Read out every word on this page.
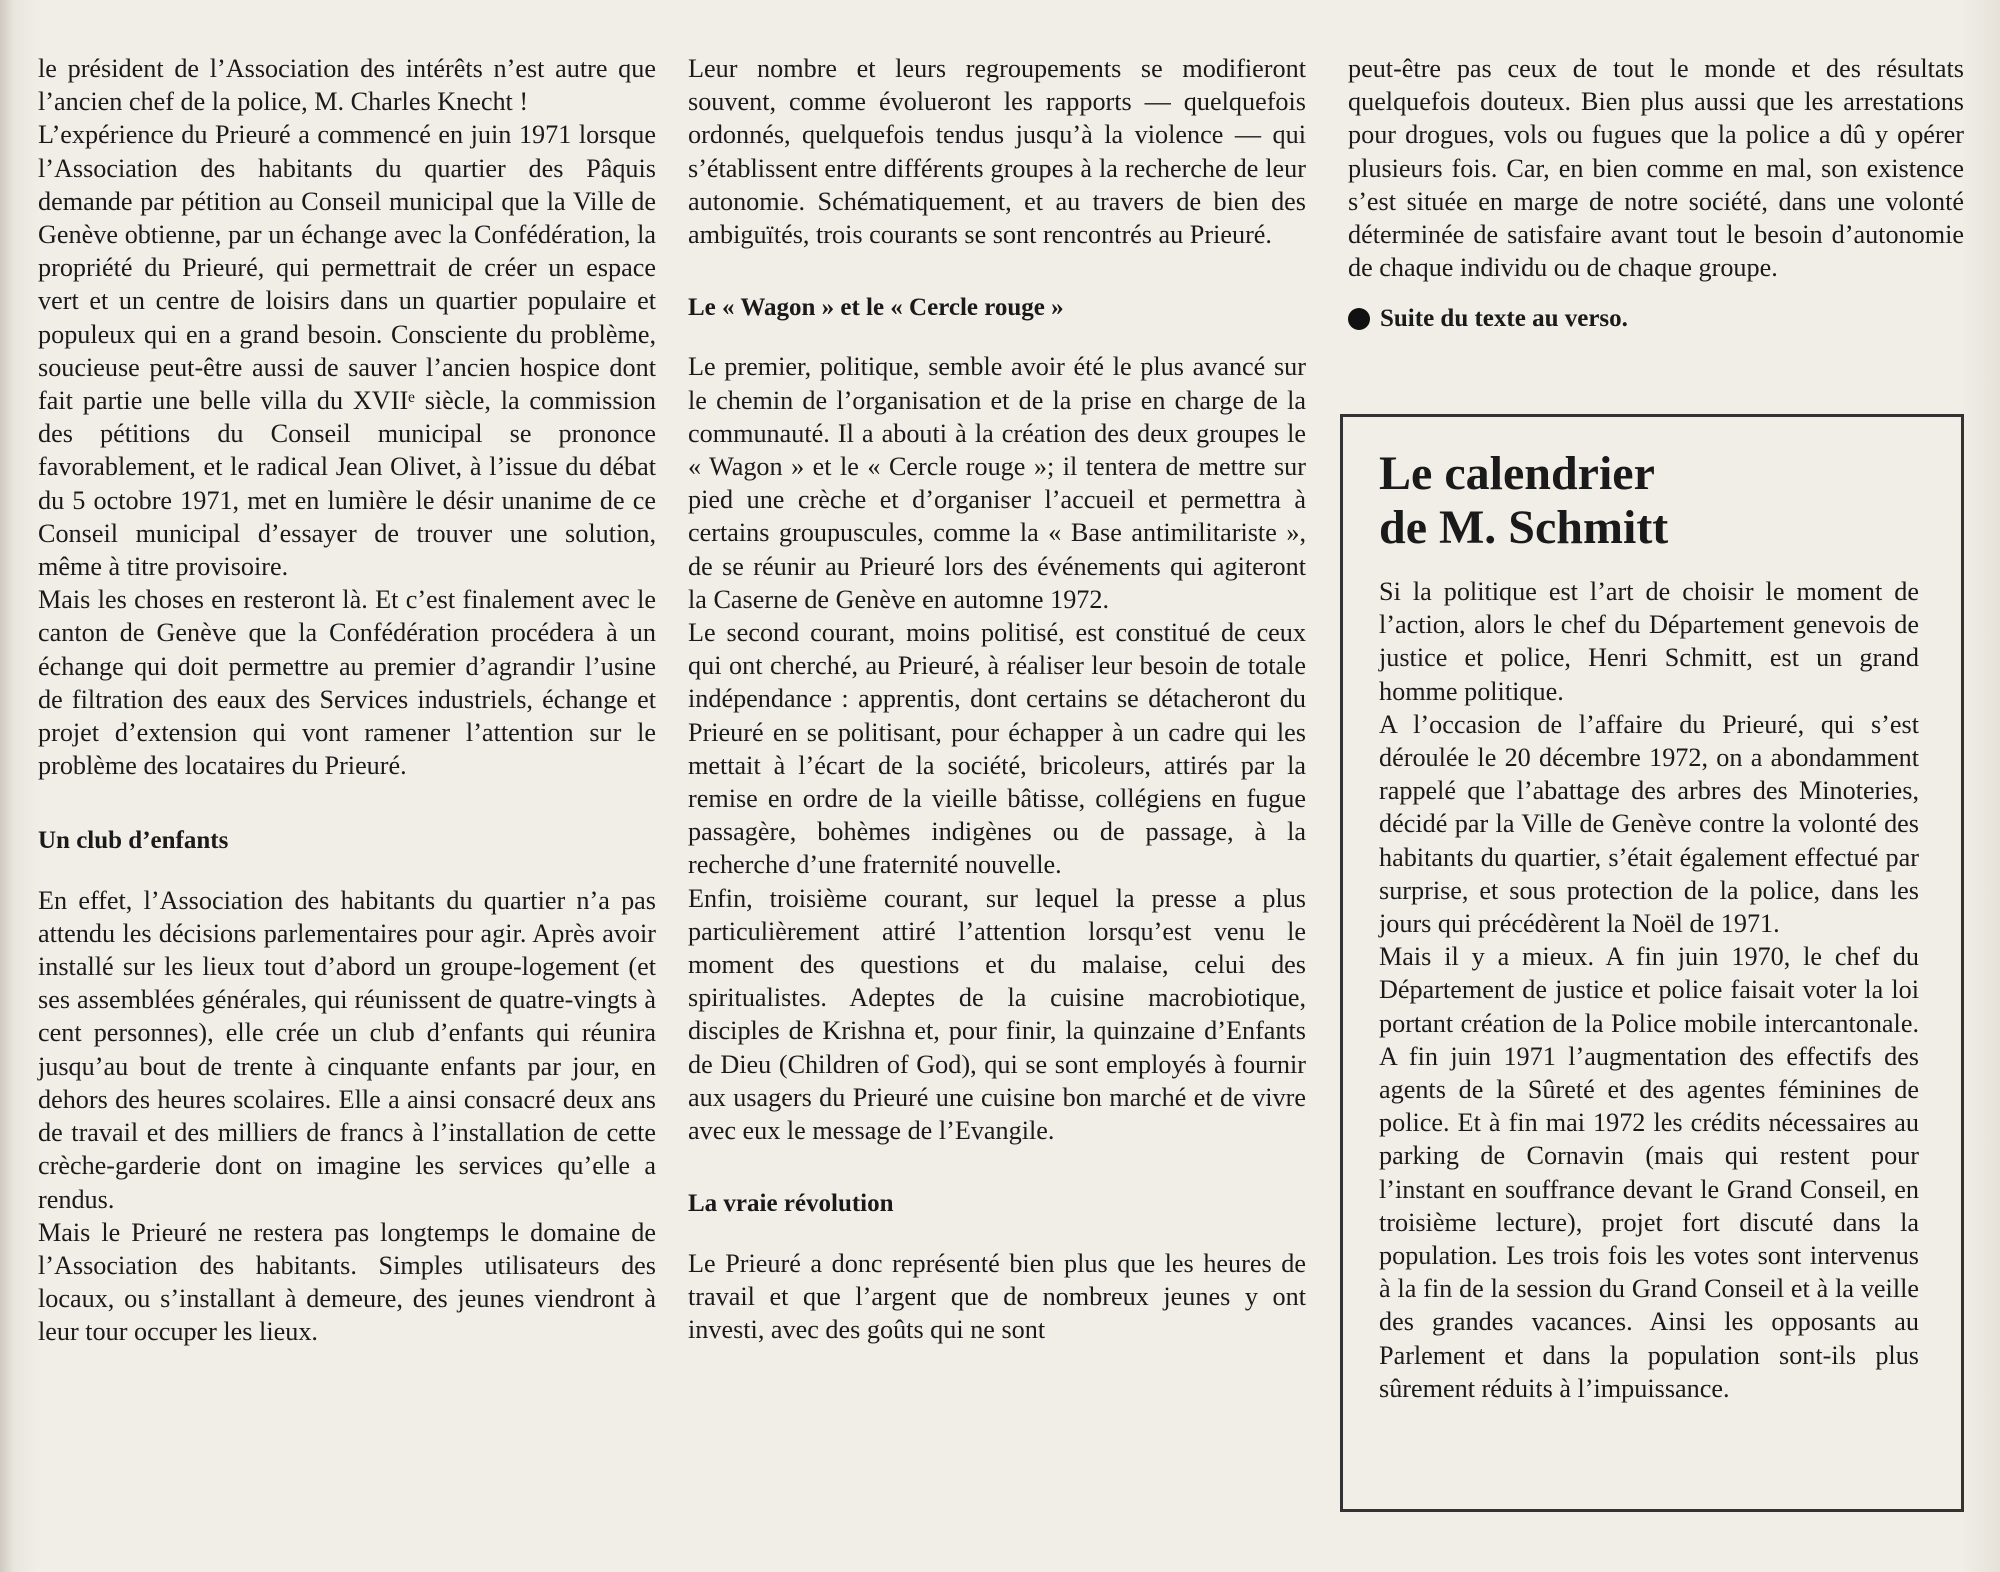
le président de l’Association des intérêts n’est autre que l’ancien chef de la police, M. Charles Knecht !

L’expérience du Prieuré a commencé en juin 1971 lorsque l’Association des habitants du quartier des Pâquis demande par pétition au Conseil municipal que la Ville de Genève obtienne, par un échange avec la Confédération, la propriété du Prieuré, qui permettrait de créer un espace vert et un centre de loisirs dans un quartier populaire et populeux qui en a grand besoin. Consciente du problème, soucieuse peut-être aussi de sauver l’ancien hospice dont fait partie une belle villa du XVIIᵉ siècle, la commission des pétitions du Conseil municipal se prononce favorablement, et le radical Jean Olivet, à l’issue du débat du 5 octobre 1971, met en lumière le désir unanime de ce Conseil municipal d’essayer de trouver une solution, même à titre provisoire.

Mais les choses en resteront là. Et c’est finalement avec le canton de Genève que la Confédération procédera à un échange qui doit permettre au premier d’agrandir l’usine de filtration des eaux des Services industriels, échange et projet d’extension qui vont ramener l’attention sur le problème des locataires du Prieuré.

Un club d’enfants

En effet, l’Association des habitants du quartier n’a pas attendu les décisions parlementaires pour agir. Après avoir installé sur les lieux tout d’abord un groupe-logement (et ses assemblées générales, qui réunissent de quatre-vingts à cent personnes), elle crée un club d’enfants qui réunira jusqu’au bout de trente à cinquante enfants par jour, en dehors des heures scolaires. Elle a ainsi consacré deux ans de travail et des milliers de francs à l’installation de cette crèche-garderie dont on imagine les services qu’elle a rendus.

Mais le Prieuré ne restera pas longtemps le domaine de l’Association des habitants. Simples utilisateurs des locaux, ou s’installant à demeure, des jeunes viendront à leur tour occuper les lieux.

Leur nombre et leurs regroupements se modifieront souvent, comme évolueront les rapports — quelquefois ordonnés, quelquefois tendus jusqu’à la violence — qui s’établissent entre différents groupes à la recherche de leur autonomie. Schématiquement, et au travers de bien des ambiguïtés, trois courants se sont rencontrés au Prieuré.

Le « Wagon » et le « Cercle rouge »

Le premier, politique, semble avoir été le plus avancé sur le chemin de l’organisation et de la prise en charge de la communauté. Il a abouti à la création des deux groupes le « Wagon » et le « Cercle rouge »; il tentera de mettre sur pied une crèche et d’organiser l’accueil et permettra à certains groupuscules, comme la « Base antimilitariste », de se réunir au Prieuré lors des événements qui agiteront la Caserne de Genève en automne 1972.

Le second courant, moins politisé, est constitué de ceux qui ont cherché, au Prieuré, à réaliser leur besoin de totale indépendance : apprentis, dont certains se détacheront du Prieuré en se politisant, pour échapper à un cadre qui les mettait à l’écart de la société, bricoleurs, attirés par la remise en ordre de la vieille bâtisse, collégiens en fugue passagère, bohèmes indigènes ou de passage, à la recherche d’une fraternité nouvelle.

Enfin, troisième courant, sur lequel la presse a plus particulièrement attiré l’attention lorsqu’est venu le moment des questions et du malaise, celui des spiritualistes. Adeptes de la cuisine macrobiotique, disciples de Krishna et, pour finir, la quinzaine d’Enfants de Dieu (Children of God), qui se sont employés à fournir aux usagers du Prieuré une cuisine bon marché et de vivre avec eux le message de l’Evangile.

La vraie révolution

Le Prieuré a donc représenté bien plus que les heures de travail et que l’argent que de nombreux jeunes y ont investi, avec des goûts qui ne sont

peut-être pas ceux de tout le monde et des résultats quelquefois douteux. Bien plus aussi que les arrestations pour drogues, vols ou fugues que la police a dû y opérer plusieurs fois. Car, en bien comme en mal, son existence s’est située en marge de notre société, dans une volonté déterminée de satisfaire avant tout le besoin d’autonomie de chaque individu ou de chaque groupe.

Suite du texte au verso.
Le calendrier
de M. Schmitt

Si la politique est l’art de choisir le moment de l’action, alors le chef du Département genevois de justice et police, Henri Schmitt, est un grand homme politique.

A l’occasion de l’affaire du Prieuré, qui s’est déroulée le 20 décembre 1972, on a abondamment rappelé que l’abattage des arbres des Minoteries, décidé par la Ville de Genève contre la volonté des habitants du quartier, s’était également effectué par surprise, et sous protection de la police, dans les jours qui précédèrent la Noël de 1971.

Mais il y a mieux. A fin juin 1970, le chef du Département de justice et police faisait voter la loi portant création de la Police mobile intercantonale. A fin juin 1971 l’augmentation des effectifs des agents de la Sûreté et des agentes féminines de police. Et à fin mai 1972 les crédits nécessaires au parking de Cornavin (mais qui restent pour l’instant en souffrance devant le Grand Conseil, en troisième lecture), projet fort discuté dans la population. Les trois fois les votes sont intervenus à la fin de la session du Grand Conseil et à la veille des grandes vacances. Ainsi les opposants au Parlement et dans la population sont-ils plus sûrement réduits à l’impuissance.
